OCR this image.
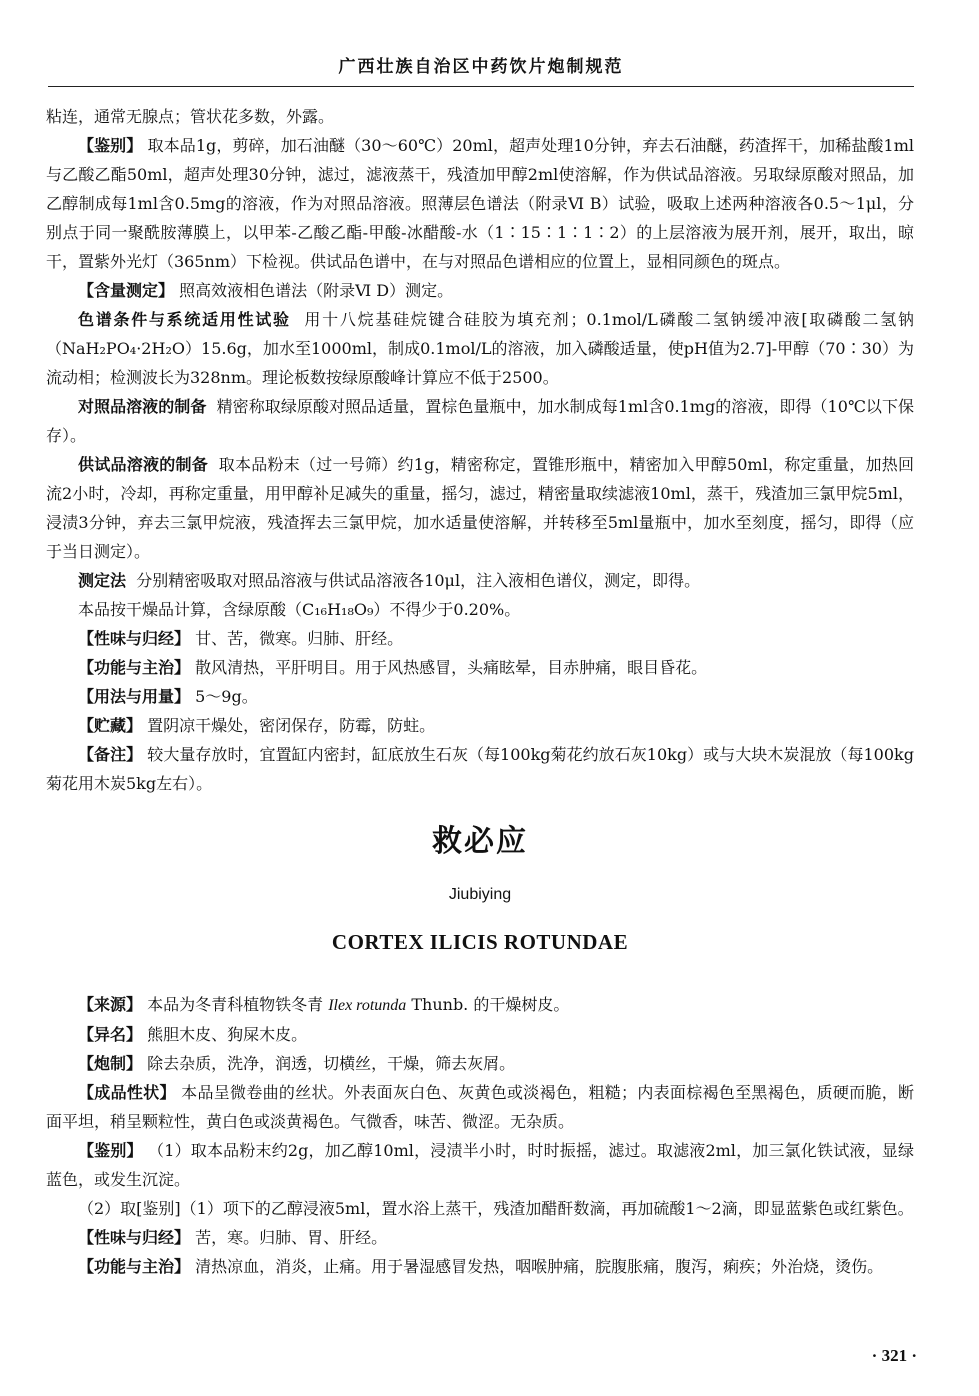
广西壮族自治区中药饮片炮制规范

粘连，通常无腺点；管状花多数，外露。

【鉴别】 取本品1g，剪碎，加石油醚（30～60℃）20ml，超声处理10分钟，弃去石油醚，药渣挥干，加稀盐酸1ml与乙酸乙酯50ml，超声处理30分钟，滤过，滤液蒸干，残渣加甲醇2ml使溶解，作为供试品溶液。另取绿原酸对照品，加乙醇制成每1ml含0.5mg的溶液，作为对照品溶液。照薄层色谱法（附录Ⅵ B）试验，吸取上述两种溶液各0.5～1μl，分别点于同一聚酰胺薄膜上，以甲苯-乙酸乙酯-甲酸-冰醋酸-水（1∶15∶1∶1∶2）的上层溶液为展开剂，展开，取出，晾干，置紫外光灯（365nm）下检视。供试品色谱中，在与对照品色谱相应的位置上，显相同颜色的斑点。

【含量测定】 照高效液相色谱法（附录Ⅵ D）测定。

色谱条件与系统适用性试验 用十八烷基硅烷键合硅胶为填充剂；0.1mol/L磷酸二氢钠缓冲液[取磷酸二氢钠（NaH₂PO₄·2H₂O）15.6g，加水至1000ml，制成0.1mol/L的溶液，加入磷酸适量，使pH值为2.7]-甲醇（70∶30）为流动相；检测波长为328nm。理论板数按绿原酸峰计算应不低于2500。

对照品溶液的制备 精密称取绿原酸对照品适量，置棕色量瓶中，加水制成每1ml含0.1mg的溶液，即得（10℃以下保存）。

供试品溶液的制备 取本品粉末（过一号筛）约1g，精密称定，置锥形瓶中，精密加入甲醇50ml，称定重量，加热回流2小时，冷却，再称定重量，用甲醇补足减失的重量，摇匀，滤过，精密量取续滤液10ml，蒸干，残渣加三氯甲烷5ml，浸渍3分钟，弃去三氯甲烷液，残渣挥去三氯甲烷，加水适量使溶解，并转移至5ml量瓶中，加水至刻度，摇匀，即得（应于当日测定）。

测定法 分别精密吸取对照品溶液与供试品溶液各10μl，注入液相色谱仪，测定，即得。

本品按干燥品计算，含绿原酸（C₁₆H₁₈O₉）不得少于0.20%。

【性味与归经】 甘、苦，微寒。归肺、肝经。

【功能与主治】 散风清热，平肝明目。用于风热感冒，头痛眩晕，目赤肿痛，眼目昏花。

【用法与用量】 5～9g。

【贮藏】 置阴凉干燥处，密闭保存，防霉，防蛀。

【备注】 较大量存放时，宜置缸内密封，缸底放生石灰（每100kg菊花约放石灰10kg）或与大块木炭混放（每100kg菊花用木炭5kg左右）。

救必应
Jiubiying
CORTEX ILICIS ROTUNDAE

【来源】 本品为冬青科植物铁冬青 Ilex rotunda Thunb. 的干燥树皮。

【异名】 熊胆木皮、狗屎木皮。

【炮制】 除去杂质，洗净，润透，切横丝，干燥，筛去灰屑。

【成品性状】 本品呈微卷曲的丝状。外表面灰白色、灰黄色或淡褐色，粗糙；内表面棕褐色至黑褐色，质硬而脆，断面平坦，稍呈颗粒性，黄白色或淡黄褐色。气微香，味苦、微涩。无杂质。

【鉴别】 （1）取本品粉末约2g，加乙醇10ml，浸渍半小时，时时振摇，滤过。取滤液2ml，加三氯化铁试液，显绿蓝色，或发生沉淀。

（2）取[鉴别]（1）项下的乙醇浸液5ml，置水浴上蒸干，残渣加醋酐数滴，再加硫酸1～2滴，即显蓝紫色或红紫色。

【性味与归经】 苦，寒。归肺、胃、肝经。

【功能与主治】 清热凉血，消炎，止痛。用于暑湿感冒发热，咽喉肿痛，脘腹胀痛，腹泻，痢疾；外治烧，烫伤。

· 321 ·
